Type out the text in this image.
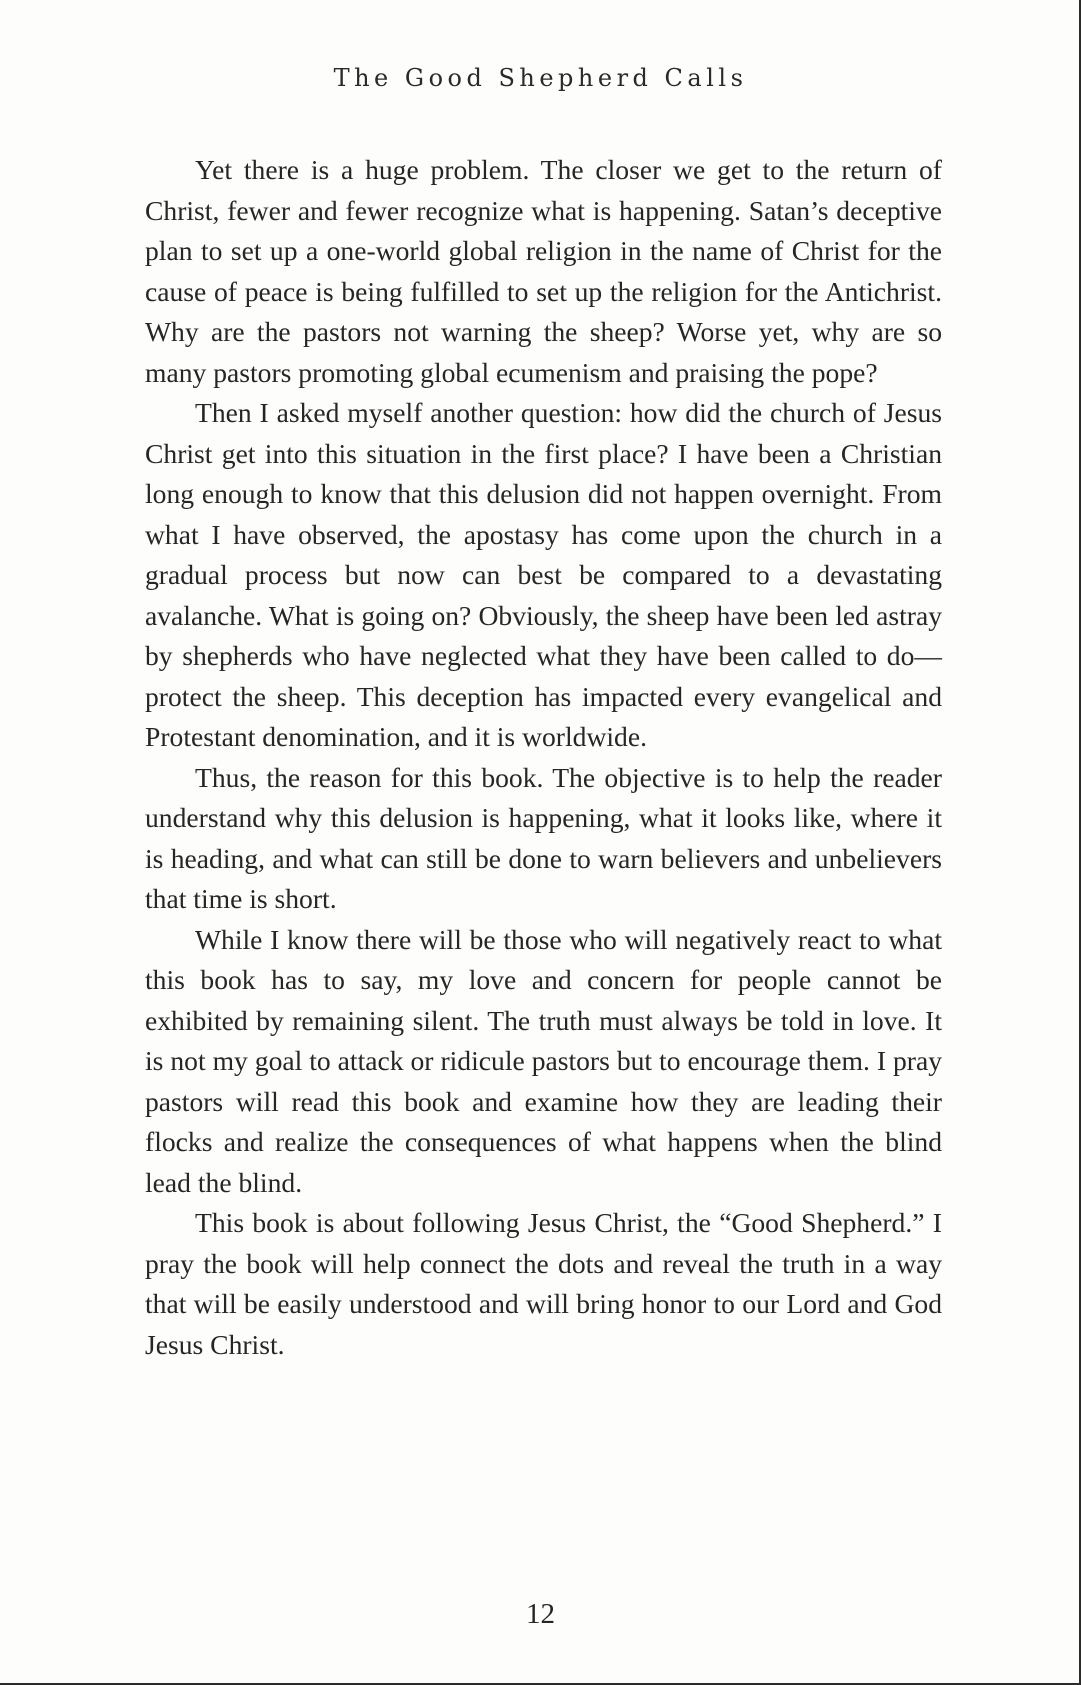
The Good Shepherd Calls

Yet there is a huge problem. The closer we get to the return of Christ, fewer and fewer recognize what is happening. Satan’s deceptive plan to set up a one-world global religion in the name of Christ for the cause of peace is being fulfilled to set up the religion for the Antichrist. Why are the pastors not warning the sheep? Worse yet, why are so many pastors promoting global ecumenism and praising the pope?

Then I asked myself another question: how did the church of Jesus Christ get into this situation in the first place? I have been a Christian long enough to know that this delusion did not happen overnight. From what I have observed, the apostasy has come upon the church in a gradual process but now can best be compared to a devastating avalanche. What is going on? Obviously, the sheep have been led astray by shepherds who have neglected what they have been called to do—protect the sheep. This deception has impacted every evangelical and Protestant denomination, and it is worldwide.

Thus, the reason for this book. The objective is to help the reader understand why this delusion is happening, what it looks like, where it is heading, and what can still be done to warn believers and unbelievers that time is short.

While I know there will be those who will negatively react to what this book has to say, my love and concern for people cannot be exhibited by remaining silent. The truth must always be told in love. It is not my goal to attack or ridicule pastors but to encourage them. I pray pastors will read this book and examine how they are leading their flocks and realize the consequences of what happens when the blind lead the blind.

This book is about following Jesus Christ, the “Good Shepherd.” I pray the book will help connect the dots and reveal the truth in a way that will be easily understood and will bring honor to our Lord and God Jesus Christ.

12
